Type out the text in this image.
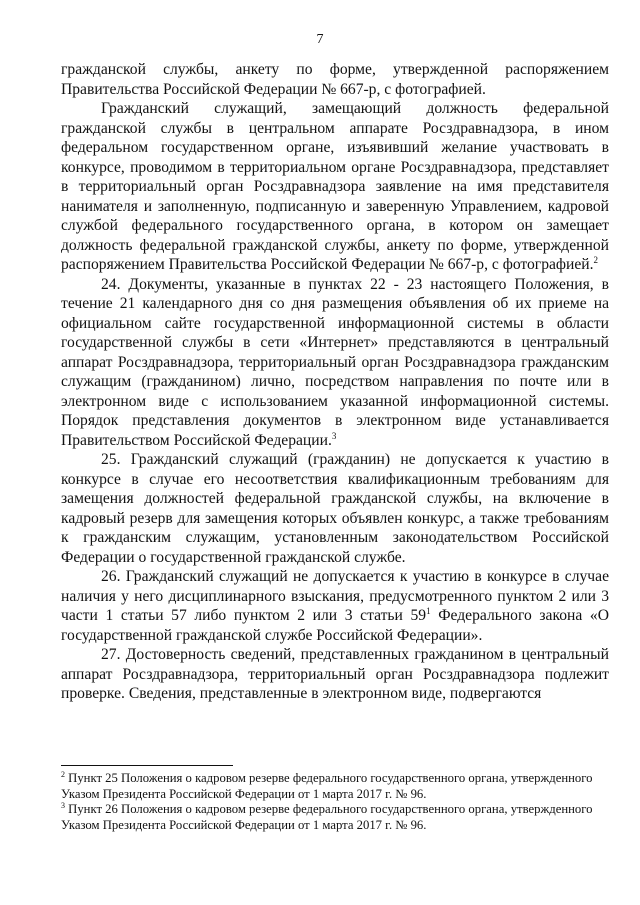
7

гражданской службы, анкету по форме, утвержденной распоряжением Правительства Российской Федерации № 667-р, с фотографией.

Гражданский служащий, замещающий должность федеральной гражданской службы в центральном аппарате Росздравнадзора, в ином федеральном государственном органе, изъявивший желание участвовать в конкурсе, проводимом в территориальном органе Росздравнадзора, представляет в территориальный орган Росздравнадзора заявление на имя представителя нанимателя и заполненную, подписанную и заверенную Управлением, кадровой службой федерального государственного органа, в котором он замещает должность федеральной гражданской службы, анкету по форме, утвержденной распоряжением Правительства Российской Федерации № 667-р, с фотографией.$^2$

24. Документы, указанные в пунктах 22 - 23 настоящего Положения, в течение 21 календарного дня со дня размещения объявления об их приеме на официальном сайте государственной информационной системы в области государственной службы в сети «Интернет» представляются в центральный аппарат Росздравнадзора, территориальный орган Росздравнадзора гражданским служащим (гражданином) лично, посредством направления по почте или в электронном виде с использованием указанной информационной системы. Порядок представления документов в электронном виде устанавливается Правительством Российской Федерации.$^3$

25. Гражданский служащий (гражданин) не допускается к участию в конкурсе в случае его несоответствия квалификационным требованиям для замещения должностей федеральной гражданской службы, на включение в кадровый резерв для замещения которых объявлен конкурс, а также требованиям к гражданским служащим, установленным законодательством Российской Федерации о государственной гражданской службе.

26. Гражданский служащий не допускается к участию в конкурсе в случае наличия у него дисциплинарного взыскания, предусмотренного пунктом 2 или 3 части 1 статьи 57 либо пунктом 2 или 3 статьи $59^1$ Федерального закона «О государственной гражданской службе Российской Федерации».

27. Достоверность сведений, представленных гражданином в центральный аппарат Росздравнадзора, территориальный орган Росздравнадзора подлежит проверке. Сведения, представленные в электронном виде, подвергаются

$^2$ Пункт 25 Положения о кадровом резерве федерального государственного органа, утвержденного Указом Президента Российской Федерации от 1 марта 2017 г. № 96.

$^3$ Пункт 26 Положения о кадровом резерве федерального государственного органа, утвержденного Указом Президента Российской Федерации от 1 марта 2017 г. № 96.
